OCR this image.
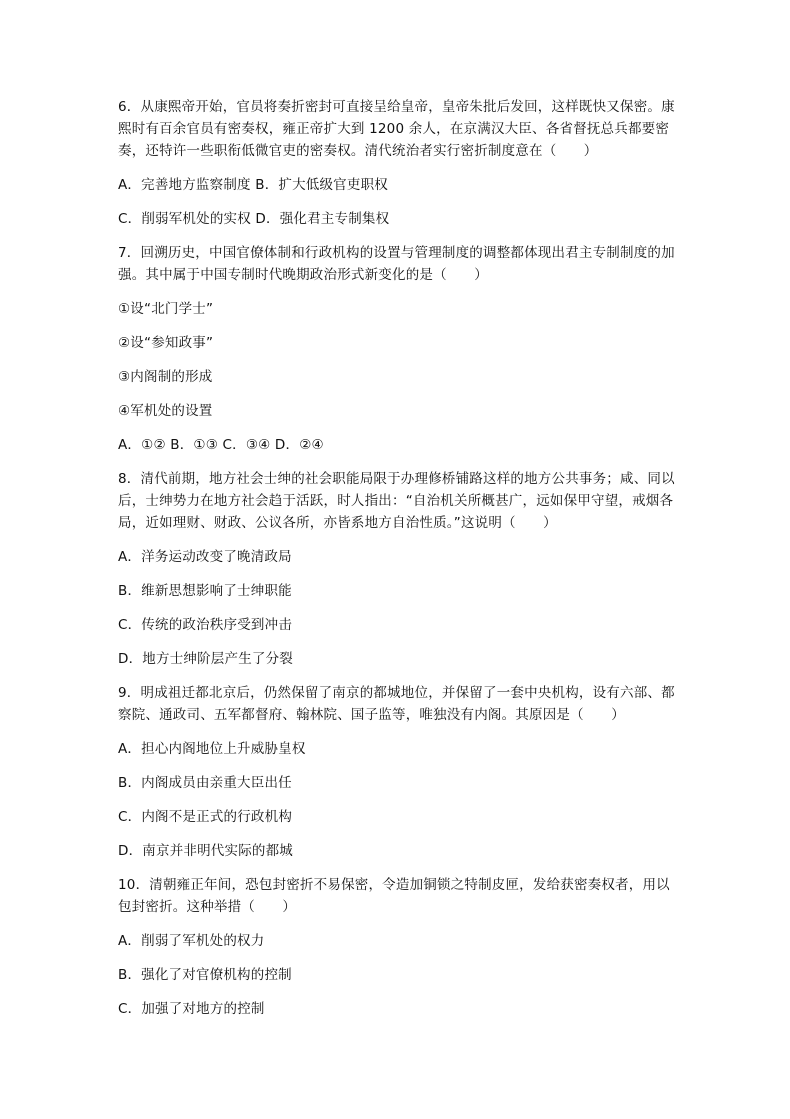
6．从康熙帝开始，官员将奏折密封可直接呈给皇帝，皇帝朱批后发回，这样既快又保密。康熙时有百余官员有密奏权，雍正帝扩大到 1200 余人，在京满汉大臣、各省督抚总兵都要密奏，还特许一些职衔低微官吏的密奏权。清代统治者实行密折制度意在（　　）

A．完善地方监察制度 B．扩大低级官吏职权

C．削弱军机处的实权 D．强化君主专制集权

7．回溯历史，中国官僚体制和行政机构的设置与管理制度的调整都体现出君主专制制度的加强。其中属于中国专制时代晚期政治形式新变化的是（　　）

①设“北门学士”

②设“参知政事”

③内阁制的形成

④军机处的设置

A．①② B．①③ C．③④ D．②④

8．清代前期，地方社会士绅的社会职能局限于办理修桥铺路这样的地方公共事务；咸、同以后，士绅势力在地方社会趋于活跃，时人指出：“自治机关所概甚广，远如保甲守望，戒烟各局，近如理财、财政、公议各所，亦皆系地方自治性质。”这说明（　　）

A．洋务运动改变了晚清政局

B．维新思想影响了士绅职能

C．传统的政治秩序受到冲击

D．地方士绅阶层产生了分裂

9．明成祖迁都北京后，仍然保留了南京的都城地位，并保留了一套中央机构，设有六部、都察院、通政司、五军都督府、翰林院、国子监等，唯独没有内阁。其原因是（　　）

A．担心内阁地位上升威胁皇权

B．内阁成员由亲重大臣出任

C．内阁不是正式的行政机构

D．南京并非明代实际的都城

10．清朝雍正年间，恐包封密折不易保密，令造加铜锁之特制皮匣，发给获密奏权者，用以包封密折。这种举措（　　）

A．削弱了军机处的权力

B．强化了对官僚机构的控制

C．加强了对地方的控制
